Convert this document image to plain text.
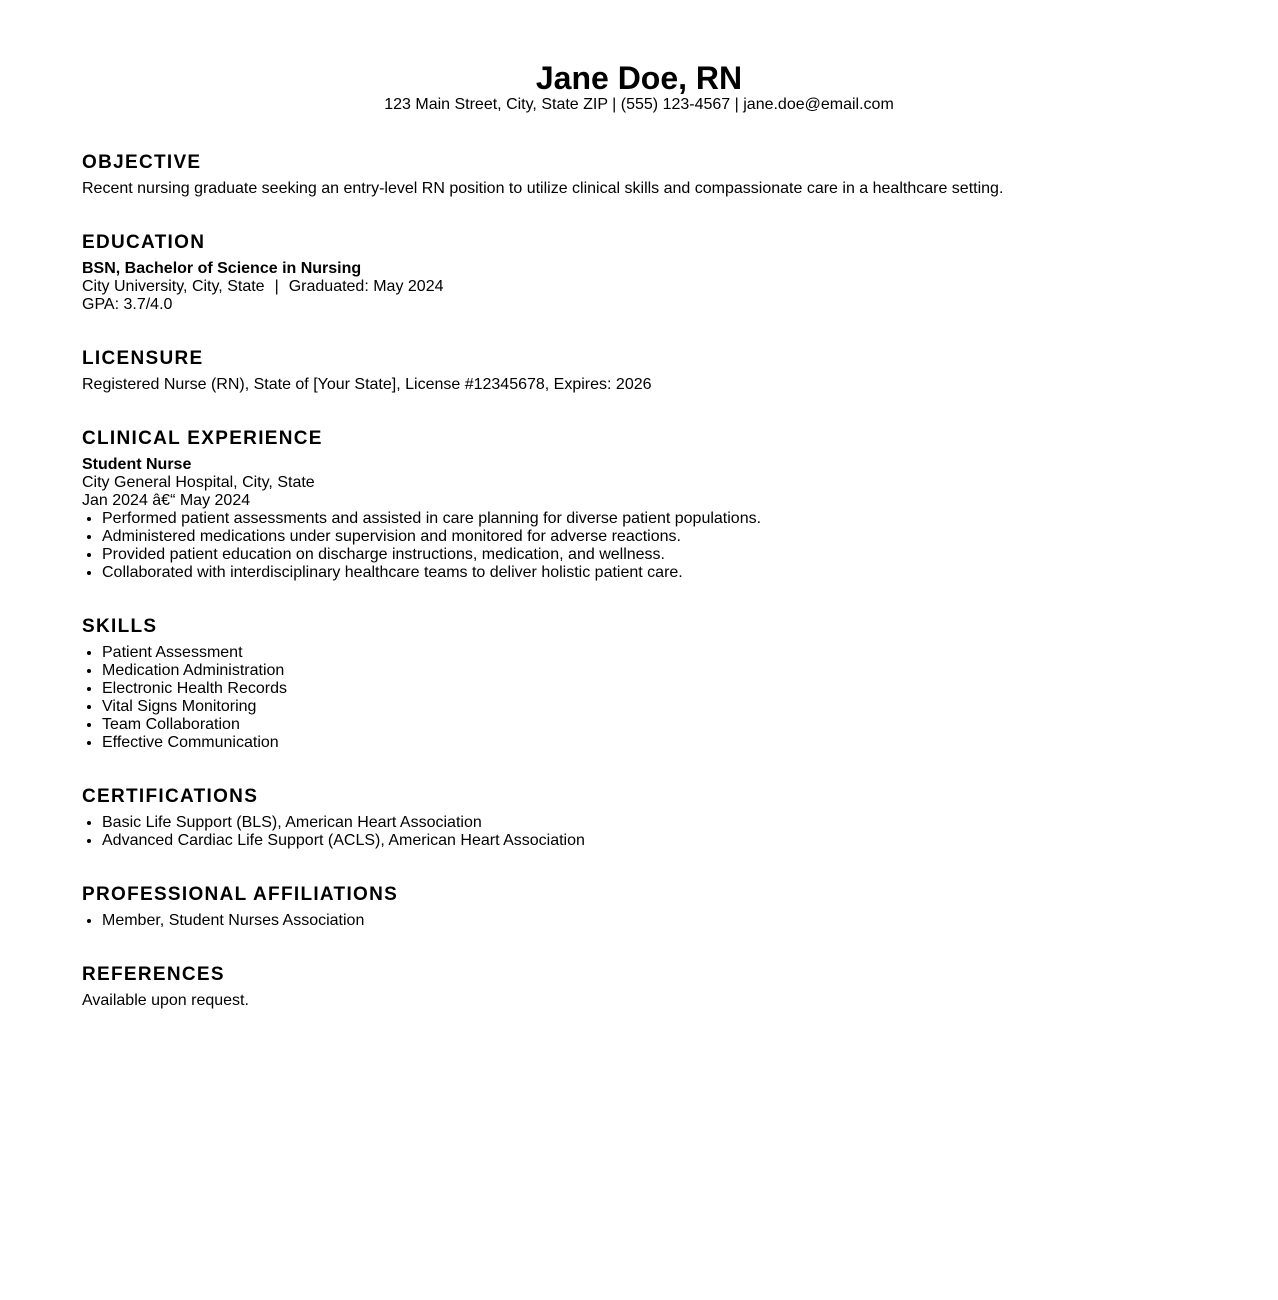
Jane Doe, RN
123 Main Street, City, State ZIP | (555) 123-4567 | jane.doe@email.com
OBJECTIVE
Recent nursing graduate seeking an entry-level RN position to utilize clinical skills and compassionate care in a healthcare setting.
EDUCATION
BSN, Bachelor of Science in Nursing
City University, City, State | Graduated: May 2024
GPA: 3.7/4.0
LICENSURE
Registered Nurse (RN), State of [Your State], License #12345678, Expires: 2026
CLINICAL EXPERIENCE
Student Nurse
City General Hospital, City, State
Jan 2024 â€“ May 2024
• Performed patient assessments and assisted in care planning for diverse patient populations.
• Administered medications under supervision and monitored for adverse reactions.
• Provided patient education on discharge instructions, medication, and wellness.
• Collaborated with interdisciplinary healthcare teams to deliver holistic patient care.
SKILLS
• Patient Assessment
• Medication Administration
• Electronic Health Records
• Vital Signs Monitoring
• Team Collaboration
• Effective Communication
CERTIFICATIONS
• Basic Life Support (BLS), American Heart Association
• Advanced Cardiac Life Support (ACLS), American Heart Association
PROFESSIONAL AFFILIATIONS
• Member, Student Nurses Association
REFERENCES
Available upon request.
